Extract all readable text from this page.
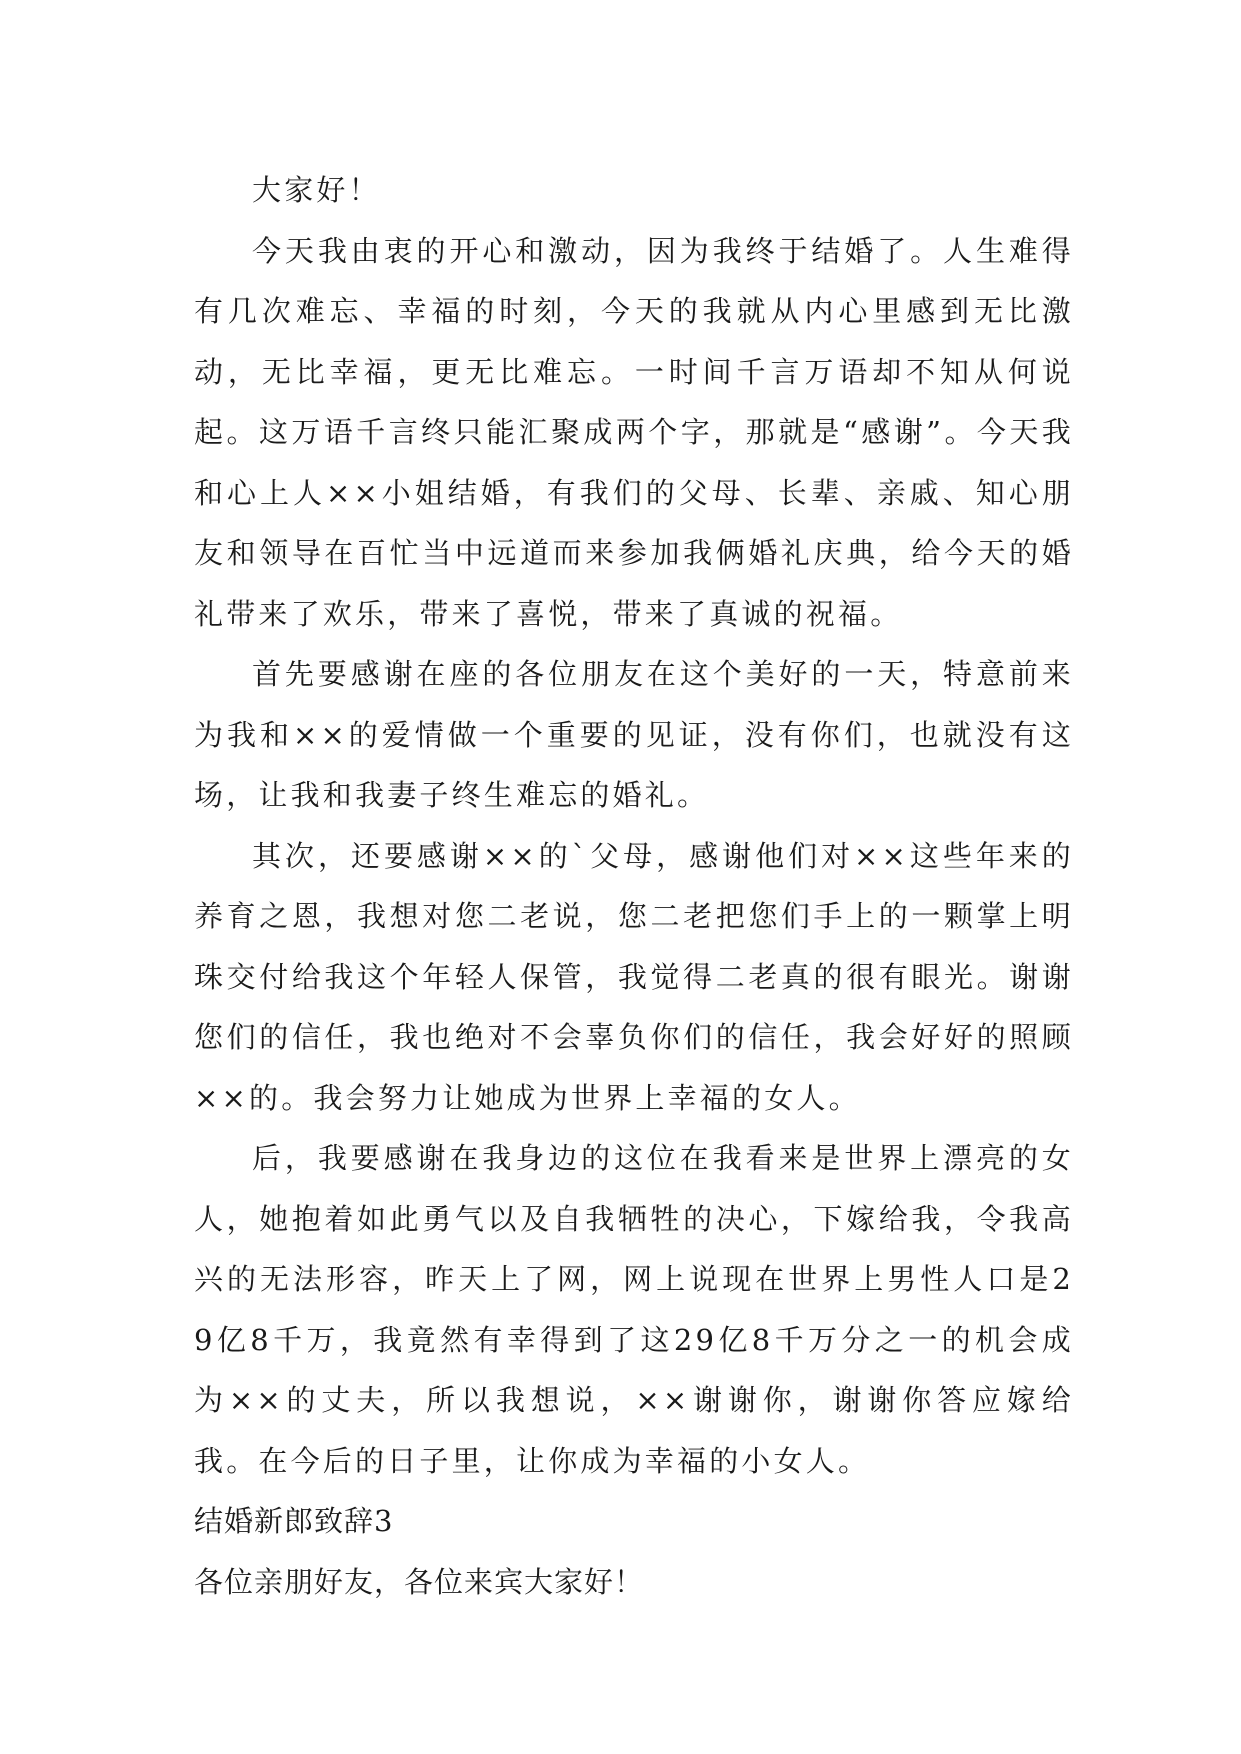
大家好！

今天我由衷的开心和激动，因为我终于结婚了。人生难得有几次难忘、幸福的时刻，今天的我就从内心里感到无比激动，无比幸福，更无比难忘。一时间千言万语却不知从何说起。这万语千言终只能汇聚成两个字，那就是“感谢”。今天我和心上人××小姐结婚，有我们的父母、长辈、亲戚、知心朋友和领导在百忙当中远道而来参加我俩婚礼庆典，给今天的婚礼带来了欢乐，带来了喜悦，带来了真诚的祝福。

首先要感谢在座的各位朋友在这个美好的一天，特意前来为我和××的爱情做一个重要的见证，没有你们，也就没有这场，让我和我妻子终生难忘的婚礼。

其次，还要感谢××的`父母，感谢他们对××这些年来的养育之恩，我想对您二老说，您二老把您们手上的一颗掌上明珠交付给我这个年轻人保管，我觉得二老真的很有眼光。谢谢您们的信任，我也绝对不会辜负你们的信任，我会好好的照顾××的。我会努力让她成为世界上幸福的女人。

后，我要感谢在我身边的这位在我看来是世界上漂亮的女人，她抱着如此勇气以及自我牺牲的决心，下嫁给我，令我高兴的无法形容，昨天上了网，网上说现在世界上男性人口是29亿8千万，我竟然有幸得到了这29亿8千万分之一的机会成为××的丈夫，所以我想说，××谢谢你，谢谢你答应嫁给我。在今后的日子里，让你成为幸福的小女人。

结婚新郎致辞3

各位亲朋好友，各位来宾大家好！
